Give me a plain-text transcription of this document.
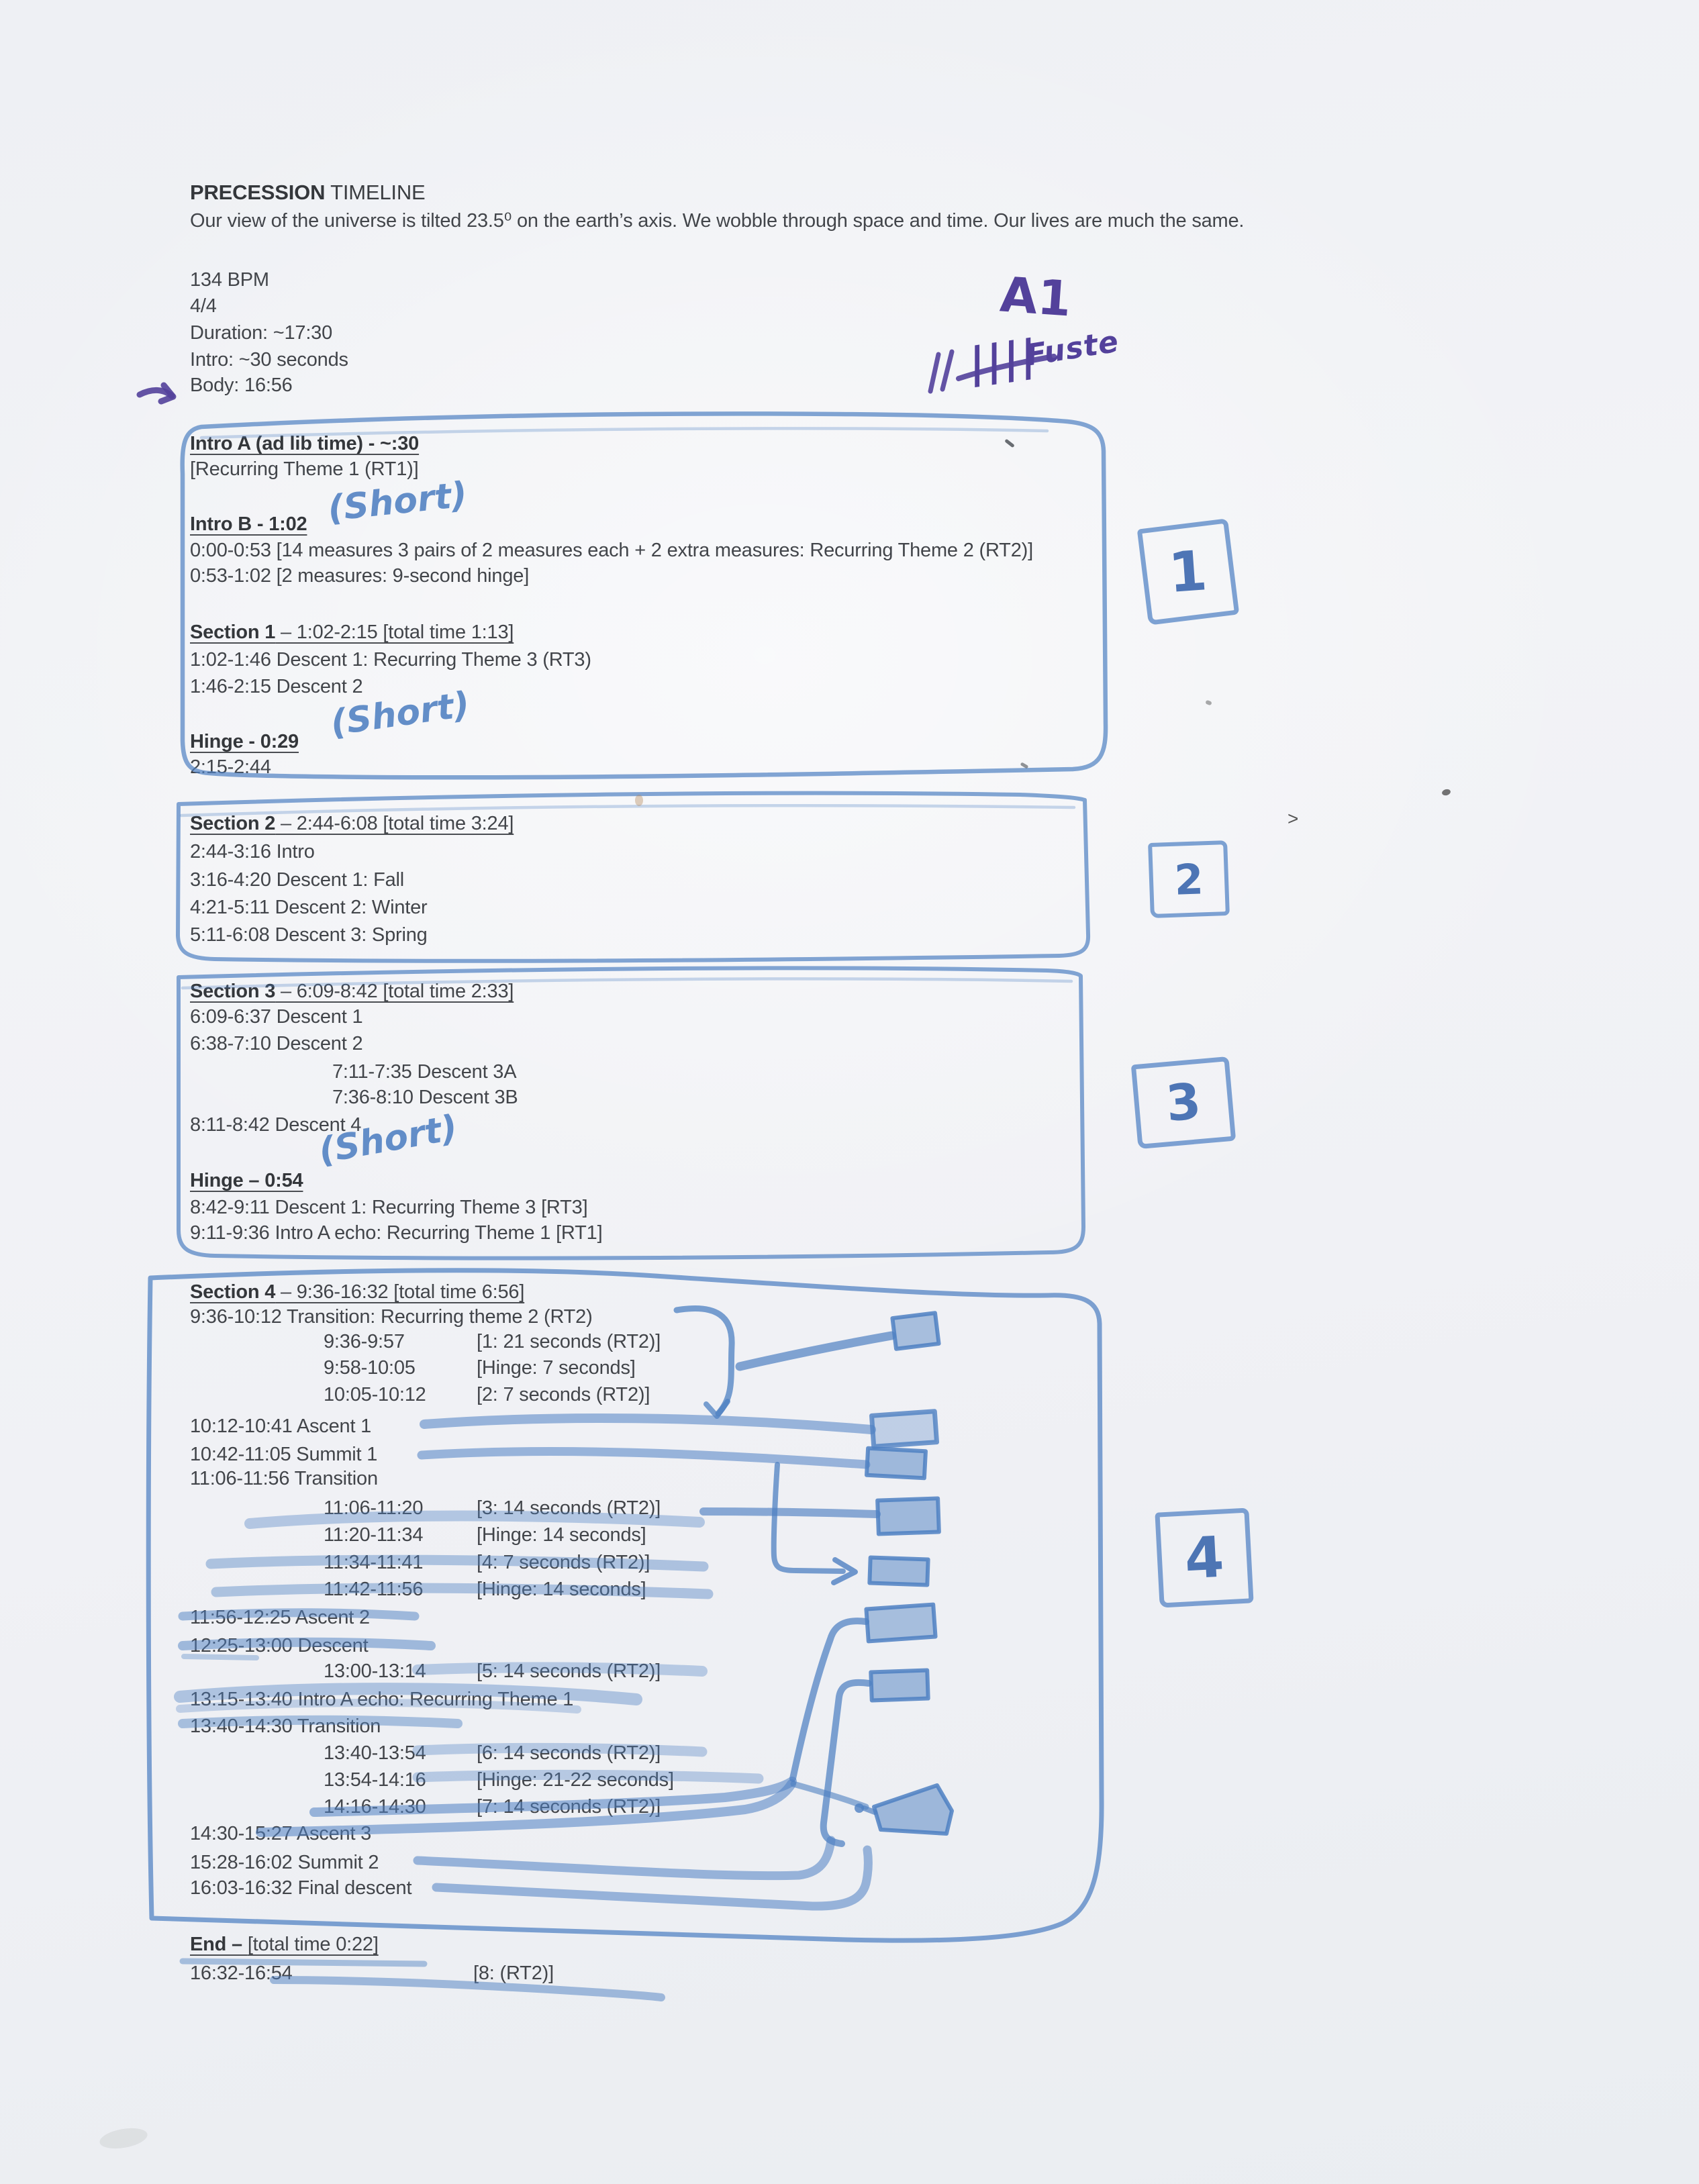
PRECESSION TIMELINE
Our view of the universe is tilted 23.5⁰ on the earth’s axis. We wobble through space and time. Our lives are much the same.
134 BPM
4/4
Duration: ~17:30
Intro: ~30 seconds
Body: 16:56
Intro A (ad lib time) - ~:30
[Recurring Theme 1 (RT1)]
Intro B - 1:02
0:00-0:53 [14 measures 3 pairs of 2 measures each + 2 extra measures: Recurring Theme 2 (RT2)]
0:53-1:02 [2 measures: 9-second hinge]
Section 1 – 1:02-2:15 [total time 1:13]
1:02-1:46 Descent 1: Recurring Theme 3 (RT3)
1:46-2:15 Descent 2
Hinge - 0:29
2:15-2:44
Section 2 – 2:44-6:08 [total time 3:24]
2:44-3:16 Intro
3:16-4:20 Descent 1: Fall
4:21-5:11 Descent 2: Winter
5:11-6:08 Descent 3: Spring
Section 3 – 6:09-8:42 [total time 2:33]
6:09-6:37 Descent 1
6:38-7:10 Descent 2
7:11-7:35 Descent 3A
7:36-8:10 Descent 3B
8:11-8:42 Descent 4
Hinge – 0:54
8:42-9:11 Descent 1: Recurring Theme 3 [RT3]
9:11-9:36 Intro A echo: Recurring Theme 1 [RT1]
Section 4 – 9:36-16:32 [total time 6:56]
9:36-10:12 Transition: Recurring theme 2 (RT2)
9:36-9:57	[1: 21 seconds (RT2)]
9:58-10:05	[Hinge: 7 seconds]
10:05-10:12	[2: 7 seconds (RT2)]
10:12-10:41 Ascent 1
10:42-11:05 Summit 1
11:06-11:56 Transition
11:06-11:20	[3: 14 seconds (RT2)]
11:20-11:34	[Hinge: 14 seconds]
11:34-11:41	[4: 7 seconds (RT2)]
11:42-11:56	[Hinge: 14 seconds]
11:56-12:25 Ascent 2
12:25-13:00 Descent
13:00-13:14	[5: 14 seconds (RT2)]
13:15-13:40 Intro A echo: Recurring Theme 1
13:40-14:30 Transition
13:40-13:54	[6: 14 seconds (RT2)]
13:54-14:16	[Hinge: 21-22 seconds]
14:16-14:30	[7: 14 seconds (RT2)]
14:30-15:27 Ascent 3
15:28-16:02 Summit 2
16:03-16:32 Final descent
End – [total time 0:22]
16:32-16:54	[8: (RT2)]
A1
||||
Fuste
(Short)
(Short)
(Short)
1
2
3
4
>
